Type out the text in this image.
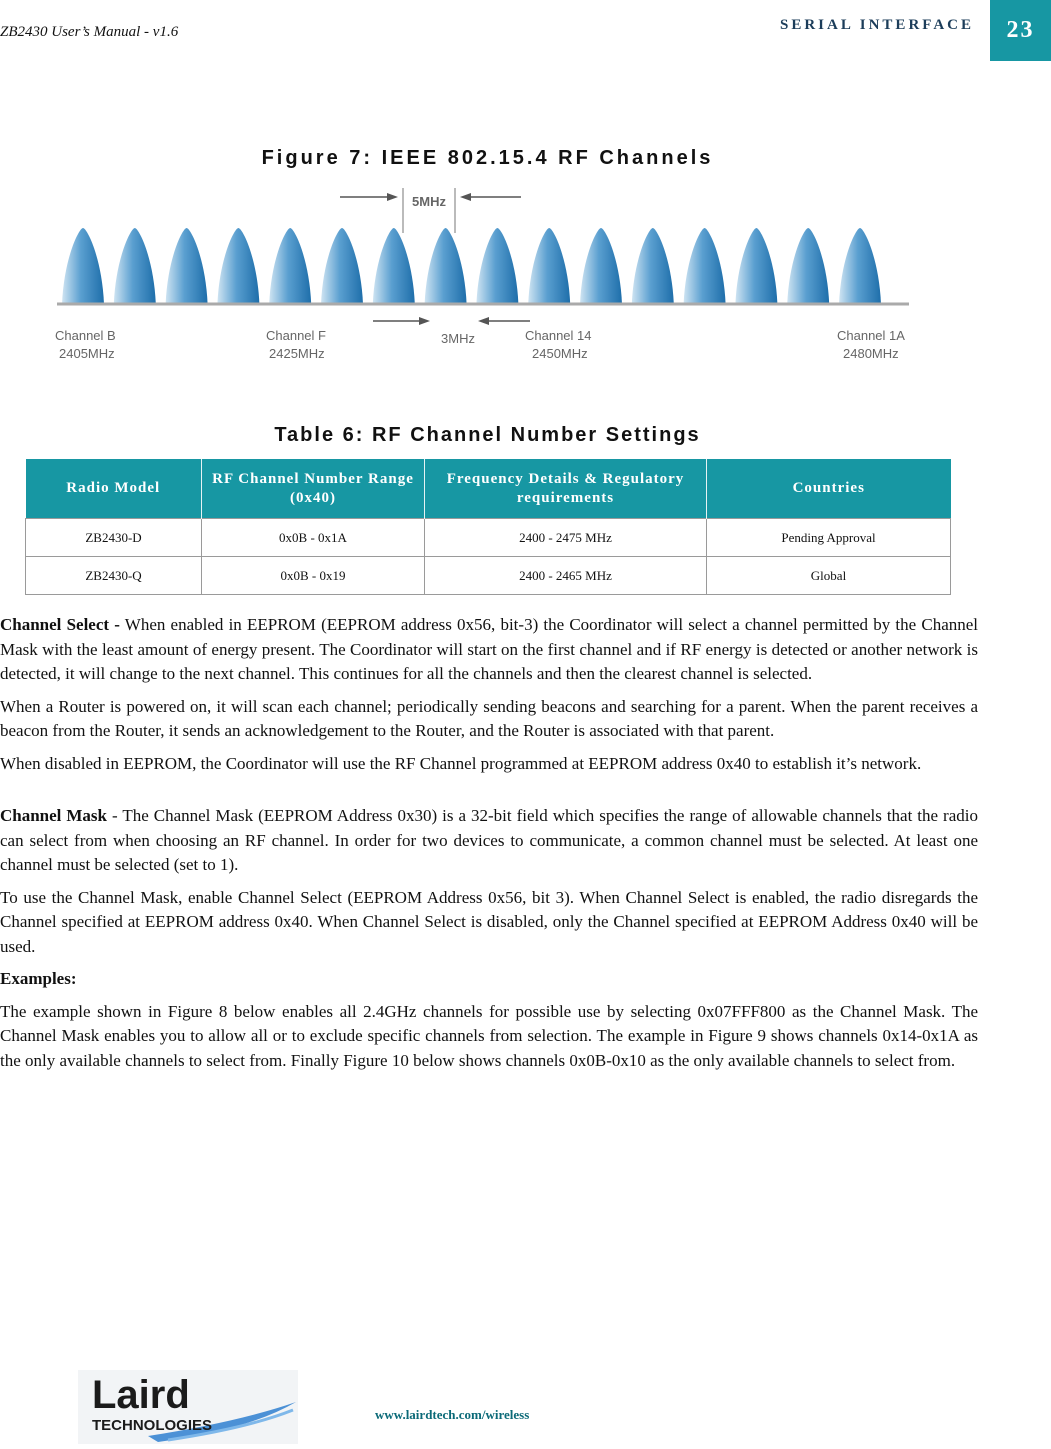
ZB2430 User’s Manual - v1.6	SERIAL INTERFACE	23
Figure 7: IEEE 802.15.4 RF Channels
5MHz
3MHz
Channel B
2405MHz
Channel F
2425MHz
Channel 14
2450MHz
Channel 1A
2480MHz
Table 6: RF Channel Number Settings
Radio Model	RF Channel Number Range (0x40)	Frequency Details & Regulatory requirements	Countries
ZB2430-D	0x0B - 0x1A	2400 - 2475 MHz	Pending Approval
ZB2430-Q	0x0B - 0x19	2400 - 2465 MHz	Global

Channel Select - When enabled in EEPROM (EEPROM address 0x56, bit-3) the Coordinator will select a channel permitted by the Channel Mask with the least amount of energy present. The Coordinator will start on the first channel and if RF energy is detected or another network is detected, it will change to the next channel. This continues for all the channels and then the clearest channel is selected.

When a Router is powered on, it will scan each channel; periodically sending beacons and searching for a parent. When the parent receives a beacon from the Router, it sends an acknowledgement to the Router, and the Router is associated with that parent.

When disabled in EEPROM, the Coordinator will use the RF Channel programmed at EEPROM address 0x40 to establish it’s network.

Channel Mask - The Channel Mask (EEPROM Address 0x30) is a 32-bit field which specifies the range of allowable channels that the radio can select from when choosing an RF channel. In order for two devices to communicate, a common channel must be selected. At least one channel must be selected (set to 1).

To use the Channel Mask, enable Channel Select (EEPROM Address 0x56, bit 3). When Channel Select is enabled, the radio disregards the Channel specified at EEPROM address 0x40. When Channel Select is disabled, only the Channel specified at EEPROM Address 0x40 will be used.

Examples:

The example shown in Figure 8 below enables all 2.4GHz channels for possible use by selecting 0x07FFF800 as the Channel Mask. The Channel Mask enables you to allow all or to exclude specific channels from selection. The example in Figure 9 shows channels 0x14-0x1A as the only available channels to select from. Finally Figure 10 below shows channels 0x0B-0x10 as the only available channels to select from.

Laird
TECHNOLOGIES
www.lairdtech.com/wireless
